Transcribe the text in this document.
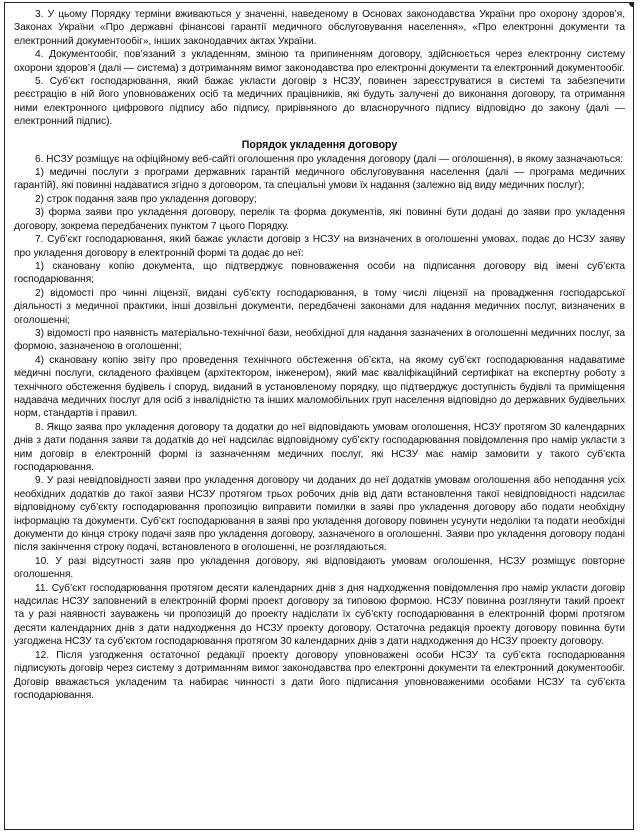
3. У цьому Порядку терміни вживаються у значенні, наведеному в Основах законодавства України про охорону здоров’я, Законах України «Про державні фінансові гарантії медичного обслуговування населення», «Про електронні документи та електронний документообіг», інших законодавчих актах України.

4. Документообіг, пов’язаний з укладенням, зміною та припиненням договору, здійснюється через електронну систему охорони здоров’я (далі — система) з дотриманням вимог законодавства про електронні документи та електронний документообіг.

5. Суб’єкт господарювання, який бажає укласти договір з НСЗУ, повинен зареєструватися в системі та забезпечити реєстрацію в ній його уповноважених осіб та медичних працівників, які будуть залучені до виконання договору, та отримання ними електронного цифрового підпису або підпису, прирівняного до власноручного підпису відповідно до закону (далі — електронний підпис).

Порядок укладення договору

6. НСЗУ розміщує на офіційному веб-сайті оголошення про укладення договору (далі — оголошення), в якому зазначаються:

1) медичні послуги з програми державних гарантій медичного обслуговування населення (далі — програма медичних гарантій), які повинні надаватися згідно з договором, та спеціальні умови їх надання (залежно від виду медичних послуг);

2) строк подання заяв про укладення договору;

3) форма заяви про укладення договору, перелік та форма документів, які повинні бути додані до заяви про укладення договору, зокрема передбачених пунктом 7 цього Порядку.

7. Суб’єкт господарювання, який бажає укласти договір з НСЗУ на визначених в оголошенні умовах, подає до НСЗУ заяву про укладення договору в електронній формі та додає до неї:

1) скановану копію документа, що підтверджує повноваження особи на підписання договору від імені суб’єкта господарювання;

2) відомості про чинні ліцензії, видані суб’єкту господарювання, в тому числі ліцензії на провадження господарської діяльності з медичної практики, інші дозвільні документи, передбачені законами для надання медичних послуг, визначених в оголошенні;

3) відомості про наявність матеріально-технічної бази, необхідної для надання зазначених в оголошенні медичних послуг, за формою, зазначеною в оголошенні;

4) скановану копію звіту про проведення технічного обстеження об’єкта, на якому суб’єкт господарювання надаватиме медичні послуги, складеного фахівцем (архітектором, інженером), який має кваліфікаційний сертифікат на експертну роботу з технічного обстеження будівель і споруд, виданий в установленому порядку, що підтверджує доступність будівлі та приміщення надавача медичних послуг для осіб з інвалідністю та інших маломобільних груп населення відповідно до державних будівельних норм, стандартів і правил.

8. Якщо заява про укладення договору та додатки до неї відповідають умовам оголошення, НСЗУ протягом 30 календарних днів з дати подання заяви та додатків до неї надсилає відповідному суб’єкту господарювання повідомлення про намір укласти з ним договір в електронній формі із зазначенням медичних послуг, які НСЗУ має намір замовити у такого суб’єкта господарювання.

9. У разі невідповідності заяви про укладення договору чи доданих до неї додатків умовам оголошення або неподання усіх необхідних додатків до такої заяви НСЗУ протягом трьох робочих днів від дати встановлення такої невідповідності надсилає відповідному суб’єкту господарювання пропозицію виправити помилки в заяві про укладення договору або подати необхідну інформацію та документи. Суб’єкт господарювання в заяві про укладення договору повинен усунути недоліки та подати необхідні документи до кінця строку подачі заяв про укладення договору, зазначеного в оголошенні. Заяви про укладення договору подані після закінчення строку подачі, встановленого в оголошенні, не розглядаються.

10. У разі відсутності заяв про укладення договору, які відповідають умовам оголошення, НСЗУ розміщує повторне оголошення.

11. Суб’єкт господарювання протягом десяти календарних днів з дня надходження повідомлення про намір укласти договір надсилає НСЗУ заповнений в електронній формі проект договору за типовою формою. НСЗУ повинна розглянути такий проект та у разі наявності зауважень чи пропозицій до проекту надіслати їх суб’єкту господарювання в електронній формі протягом десяти календарних днів з дати надходження до НСЗУ проекту договору. Остаточна редакція проекту договору повинна бути узгоджена НСЗУ та суб’єктом господарювання протягом 30 календарних днів з дати надходження до НСЗУ проекту договору.

12. Після узгодження остаточної редакції проекту договору уповноважені особи НСЗУ та суб’єкта господарювання підписують договір через систему з дотриманням вимог законодавства про електронні документи та електронний документообіг. Договір вважається укладеним та набирає чинності з дати його підписання уповноваженими особами НСЗУ та суб’єкта господарювання.
